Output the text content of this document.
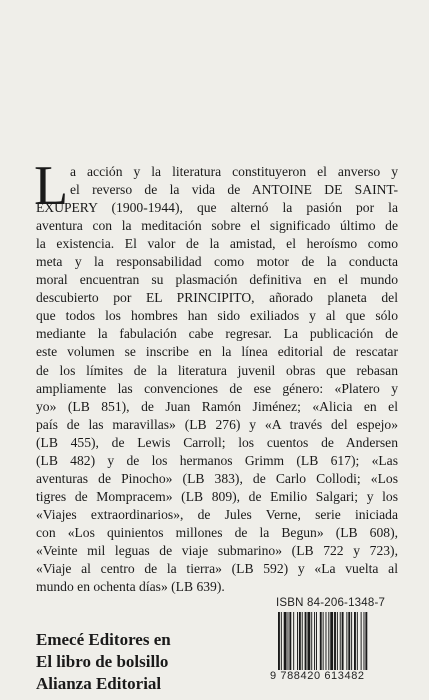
L a acción y la literatura constituyeron el anverso y
el reverso de la vida de ANTOINE DE SAINT-
EXUPERY (1900-1944), que alternó la pasión por la
aventura con la meditación sobre el significado último de
la existencia. El valor de la amistad, el heroísmo como
meta y la responsabilidad como motor de la conducta
moral encuentran su plasmación definitiva en el mundo
descubierto por EL PRINCIPITO, añorado planeta del
que todos los hombres han sido exiliados y al que sólo
mediante la fabulación cabe regresar. La publicación de
este volumen se inscribe en la línea editorial de rescatar
de los límites de la literatura juvenil obras que rebasan
ampliamente las convenciones de ese género: «Platero y
yo» (LB 851), de Juan Ramón Jiménez; «Alicia en el
país de las maravillas» (LB 276) y «A través del espejo»
(LB 455), de Lewis Carroll; los cuentos de Andersen
(LB 482) y de los hermanos Grimm (LB 617); «Las
aventuras de Pinocho» (LB 383), de Carlo Collodi; «Los
tigres de Mompracem» (LB 809), de Emilio Salgari; y los
«Viajes extraordinarios», de Jules Verne, serie iniciada
con «Los quinientos millones de la Begun» (LB 608),
«Veinte mil leguas de viaje submarino» (LB 722 y 723),
«Viaje al centro de la tierra» (LB 592) y «La vuelta al
mundo en ochenta días» (LB 639).
ISBN 84-206-1348-7
9 788420 613482
Emecé Editores en
El libro de bolsillo
Alianza Editorial
